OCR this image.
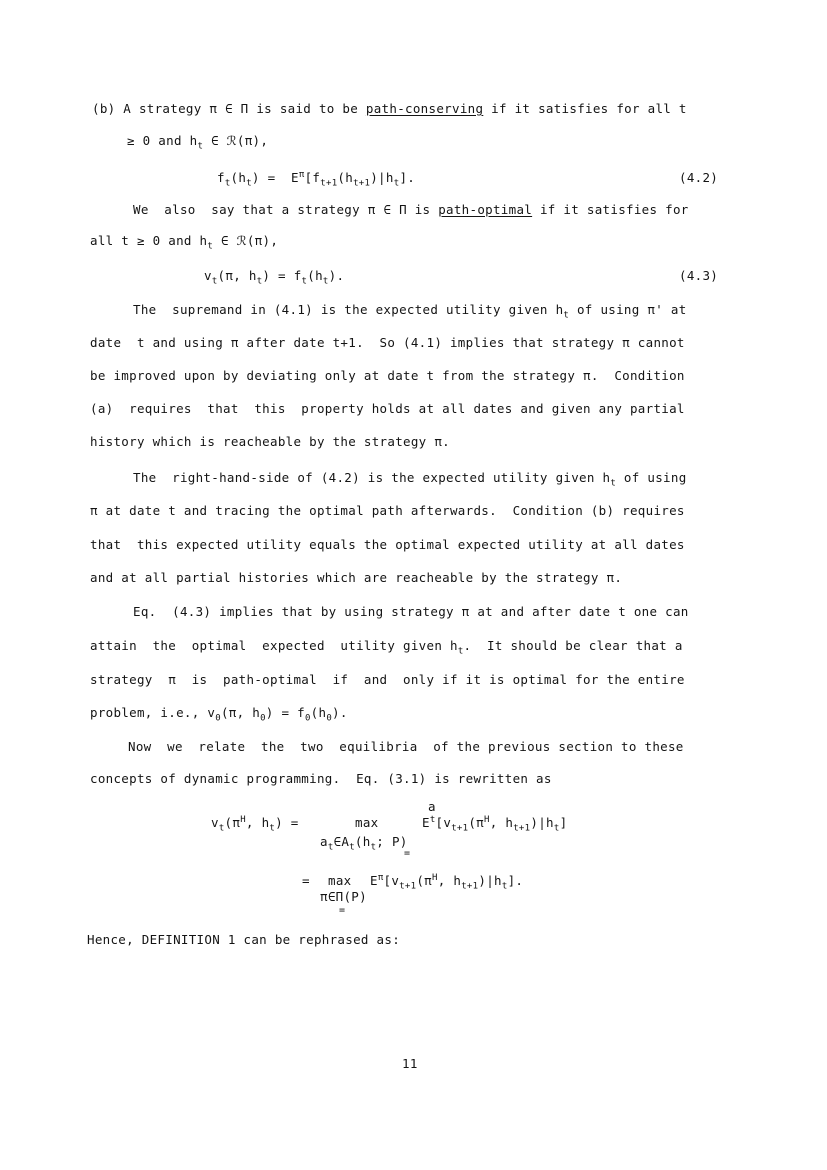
(b) A strategy π ∈ Π is said to be path-conserving if it satisfies for all t
≥ 0 and $h_t$ ∈ ℛ(π),
$f_t(h_t) = E^\pi[f_{t+1}(h_{t+1})|h_t]$.	(4.2)
We  also  say that a strategy π ∈ Π is path-optimal if it satisfies for
all t ≥ 0 and $h_t$ ∈ ℛ(π),
$v_t(\pi$, $h_t) = f_t(h_t)$.	(4.3)
The  supremand in (4.1) is the expected utility given $h_t$ of using π' at
date  t and using π after date t+1.  So (4.1) implies that strategy π cannot
be improved upon by deviating only at date t from the strategy π.  Condition
(a)  requires  that  this  property holds at all dates and given any partial
history which is reacheable by the strategy π.
The  right-hand-side of (4.2) is the expected utility given $h_t$ of using
π at date t and tracing the optimal path afterwards.  Condition (b) requires
that  this expected utility equals the optimal expected utility at all dates
and at all partial histories which are reacheable by the strategy π.
Eq.  (4.3) implies that by using strategy π at and after date t one can
attain  the  optimal  expected  utility given $h_t$.  It should be clear that a
strategy  π  is  path-optimal  if  and  only if it is optimal for the entire
problem, i.e., $v_0(\pi$, $h_0) = f_0(h_0)$.
Now  we  relate  the  two  equilibria  of the previous section to these
concepts of dynamic programming.  Eq. (3.1) is rewritten as
$v_t(\pi^H$, $h_t$) =	max
$a_t\in A_t(h_t$; P)
=
a
$E^t[v_{t+1}(\pi^H$, $h_{t+1})|h_t$]
= max
π∈Π(P)
=
$E^\pi[v_{t+1}(\pi^H$, $h_{t+1})|h_t$].
Hence, DEFINITION 1 can be rephrased as:
11
